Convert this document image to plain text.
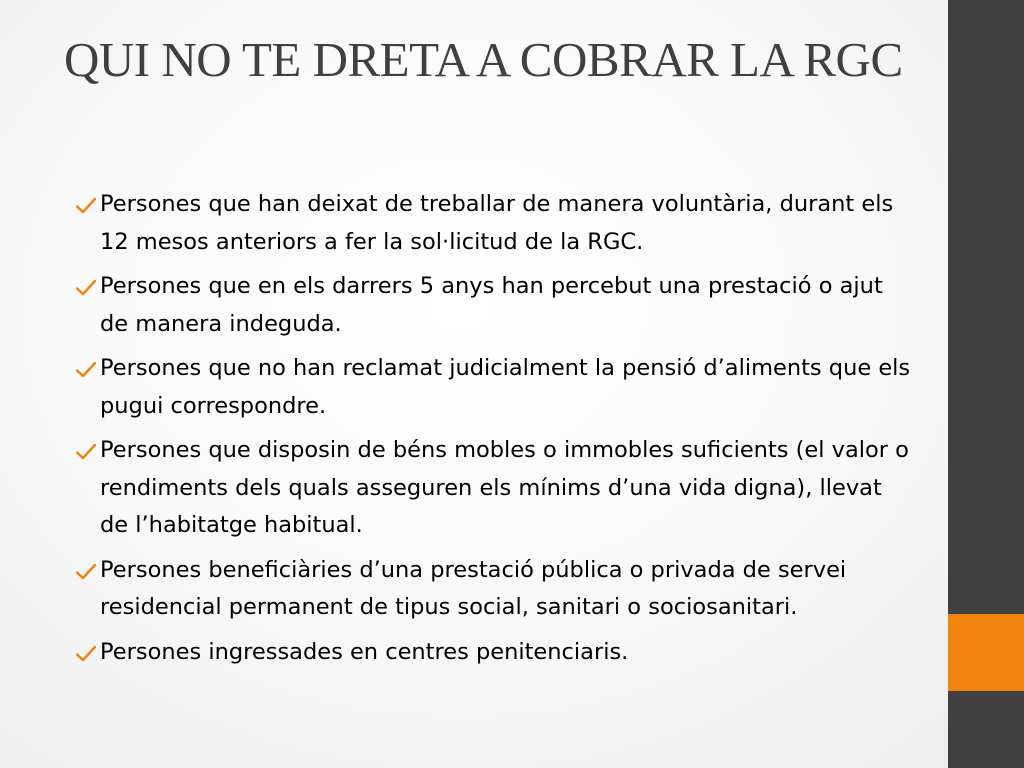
QUI NO TE DRETA A COBRAR LA RGC
Persones que han deixat de treballar de manera voluntària, durant els 12 mesos anteriors a fer la sol·licitud de la RGC.
Persones que en els darrers 5 anys han percebut una prestació o ajut de manera indeguda.
Persones que no han reclamat judicialment la pensió d’aliments que els pugui correspondre.
Persones que disposin de béns mobles o immobles suficients (el valor o rendiments dels quals asseguren els mínims d’una vida digna), llevat de l’habitatge habitual.
Persones beneficiàries d’una prestació pública o privada de servei residencial permanent de tipus social, sanitari o sociosanitari.
Persones ingressades en centres penitenciaris.
